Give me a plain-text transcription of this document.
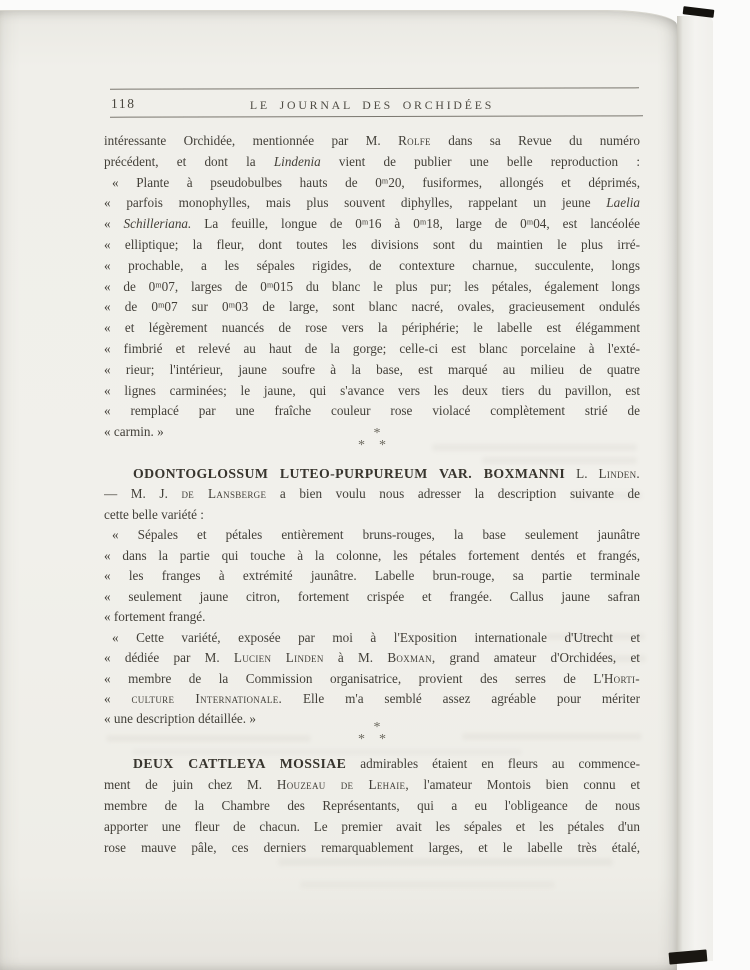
118	LE JOURNAL DES ORCHIDÉES
intéressante Orchidée, mentionnée par M. Rolfe dans sa Revue du numéro
précédent, et dont la Lindenia vient de publier une belle reproduction :
« Plante à pseudobulbes hauts de 0ᵐ20, fusiformes, allongés et déprimés,
« parfois monophylles, mais plus souvent diphylles, rappelant un jeune Laelia
« Schilleriana. La feuille, longue de 0ᵐ16 à 0ᵐ18, large de 0ᵐ04, est lancéolée
« elliptique; la fleur, dont toutes les divisions sont du maintien le plus irré-
« prochable, a les sépales rigides, de contexture charnue, succulente, longs
« de 0ᵐ07, larges de 0ᵐ015 du blanc le plus pur; les pétales, également longs
« de 0ᵐ07 sur 0ᵐ03 de large, sont blanc nacré, ovales, gracieusement ondulés
« et légèrement nuancés de rose vers la périphérie; le labelle est élégamment
« fimbrié et relevé au haut de la gorge; celle-ci est blanc porcelaine à l'exté-
« rieur; l'intérieur, jaune soufre à la base, est marqué au milieu de quatre
« lignes carminées; le jaune, qui s'avance vers les deux tiers du pavillon, est
« remplacé par une fraîche couleur rose violacé complètement strié de
« carmin. »	*
* *
ODONTOGLOSSUM LUTEO-PURPUREUM VAR. BOXMANNI L. Linden.
— M. J. de Lansberge a bien voulu nous adresser la description suivante de
cette belle variété :
« Sépales et pétales entièrement bruns-rouges, la base seulement jaunâtre
« dans la partie qui touche à la colonne, les pétales fortement dentés et frangés,
« les franges à extrémité jaunâtre. Labelle brun-rouge, sa partie terminale
« seulement jaune citron, fortement crispée et frangée. Callus jaune safran
« fortement frangé.
« Cette variété, exposée par moi à l'Exposition internationale d'Utrecht et
« dédiée par M. Lucien Linden à M. Boxman, grand amateur d'Orchidées, et
« membre de la Commission organisatrice, provient des serres de L'Horti-
« culture Internationale. Elle m'a semblé assez agréable pour mériter
« une description détaillée. »
*
* *
DEUX CATTLEYA MOSSIAE admirables étaient en fleurs au commence-
ment de juin chez M. Houzeau de Lehaie, l'amateur Montois bien connu et
membre de la Chambre des Représentants, qui a eu l'obligeance de nous
apporter une fleur de chacun. Le premier avait les sépales et les pétales d'un
rose mauve pâle, ces derniers remarquablement larges, et le labelle très étalé,
